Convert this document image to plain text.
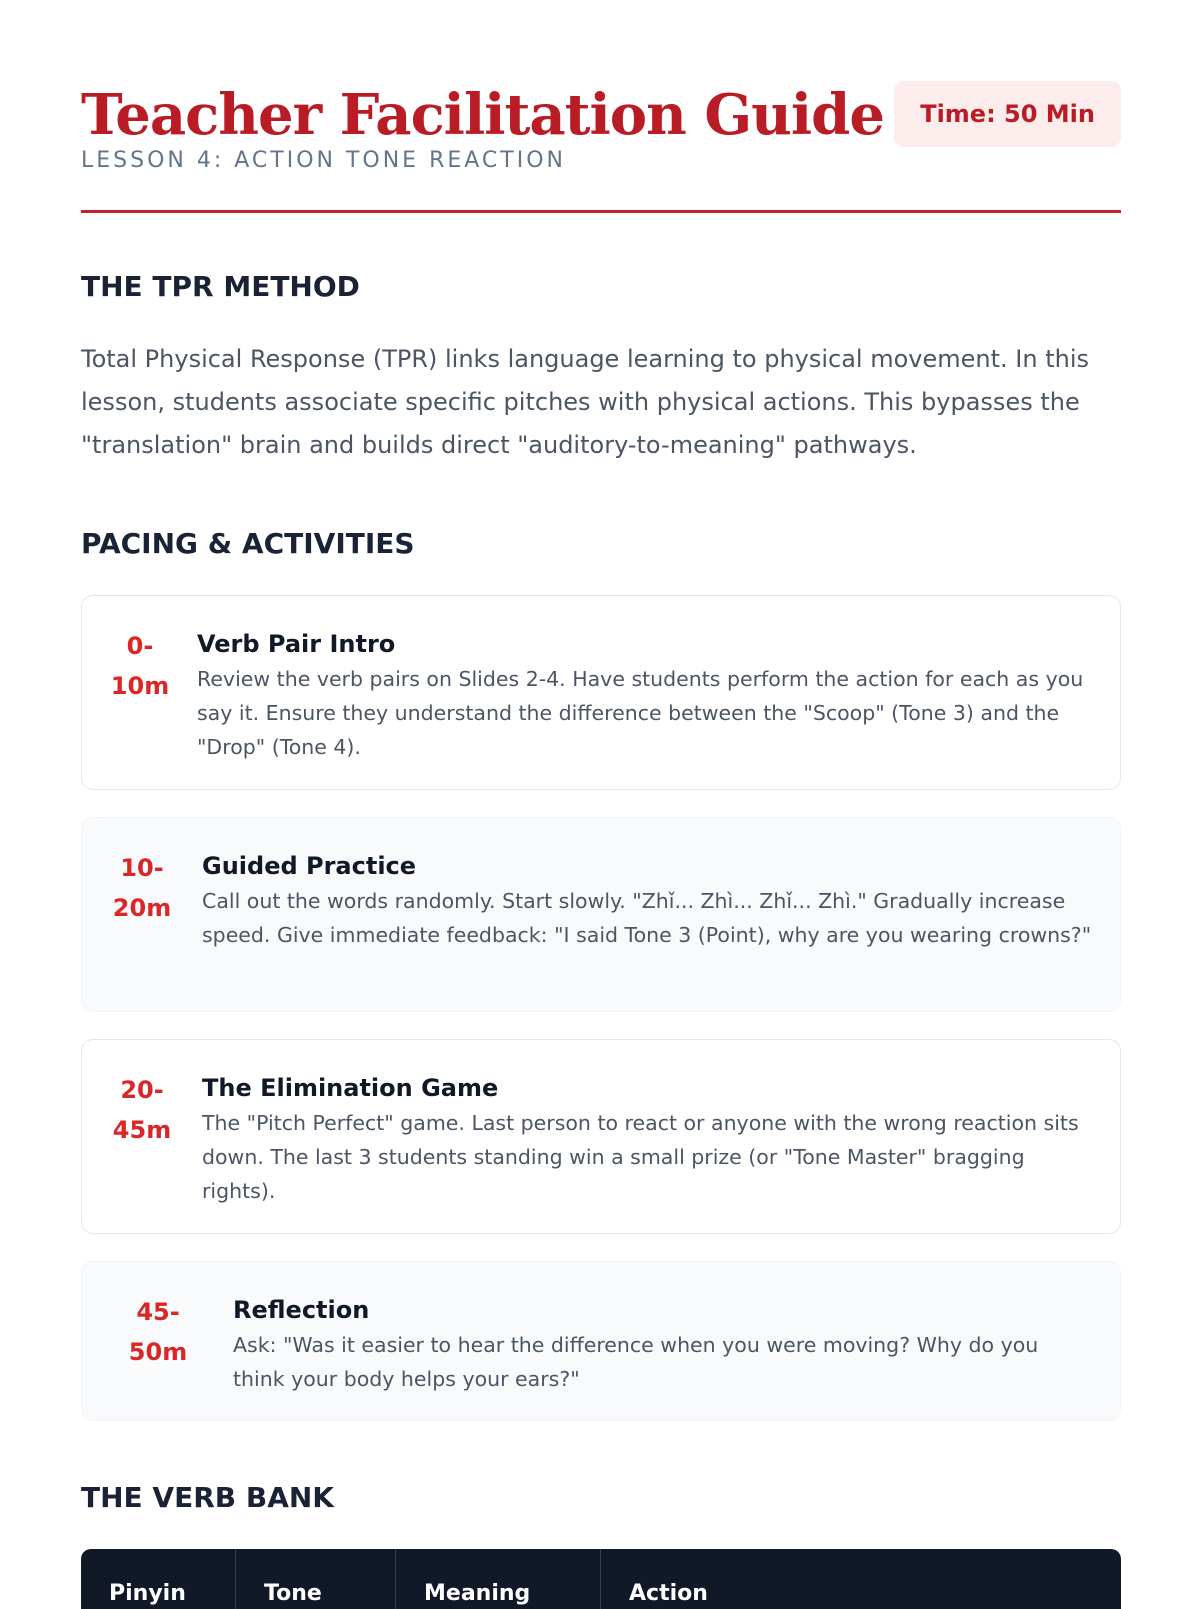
Teacher Facilitation Guide
LESSON 4: ACTION TONE REACTION
Time: 50 Min
THE TPR METHOD

Total Physical Response (TPR) links language learning to physical movement. In this lesson, students associate specific pitches with physical actions. This bypasses the "translation" brain and builds direct "auditory-to-meaning" pathways.

PACING & ACTIVITIES
0-
10m
Verb Pair Intro

Review the verb pairs on Slides 2-4. Have students perform the action for each as you say it. Ensure they understand the difference between the "Scoop" (Tone 3) and the "Drop" (Tone 4).

10-
20m
Guided Practice

Call out the words randomly. Start slowly. "Zhǐ... Zhì... Zhǐ... Zhì." Gradually increase speed. Give immediate feedback: "I said Tone 3 (Point), why are you wearing crowns?"

20-
45m
The Elimination Game

The "Pitch Perfect" game. Last person to react or anyone with the wrong reaction sits down. The last 3 students standing win a small prize (or "Tone Master" bragging rights).

45-
50m
Reflection

Ask: "Was it easier to hear the difference when you were moving? Why do you think your body helps your ears?"

THE VERB BANK
Pinyin	Tone	Meaning	Action
